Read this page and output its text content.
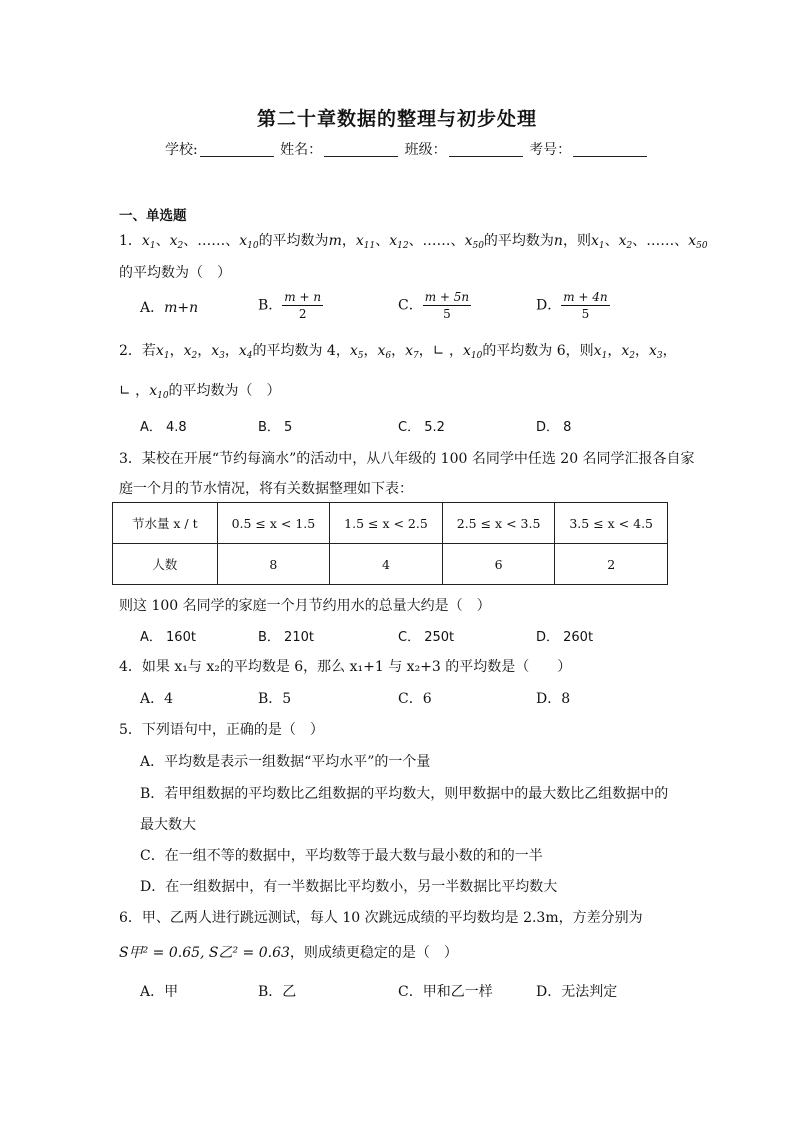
第二十章数据的整理与初步处理
学校:	姓名：	班级：	考号：
一、单选题
1．$x_1$、$x_2$、……、$x_{10}$的平均数为m，$x_{11}$、$x_{12}$、……、$x_{50}$的平均数为n，则$x_1$、$x_2$、……、$x_{50}$
的平均数为（　）
A．m+n	B． $\frac{m + n}{2}$	C． $\frac{m + 5n}{5}$	D． $\frac{m + 4n}{5}$
2．若$x_1$，$x_2$，$x_3$，$x_4$的平均数为 4，$x_5$，$x_6$，$x_7$，∟ ，$x_{10}$的平均数为 6，则$x_1$，$x_2$，$x_3$，
∟ ，$x_{10}$的平均数为（　）
A． 4.8	B． 5	C． 5.2	D． 8
3．某校在开展“节约每滴水”的活动中，从八年级的 100 名同学中任选 20 名同学汇报各自家
庭一个月的节水情况，将有关数据整理如下表：
节水量 x / t	0.5 ≤ x < 1.5	1.5 ≤ x < 2.5	2.5 ≤ x < 3.5	3.5 ≤ x < 4.5
人数	8	4	6	2
则这 100 名同学的家庭一个月节约用水的总量大约是（　）
A． 160t	B． 210t	C． 250t	D． 260t
4．如果 x₁与 x₂的平均数是 6，那么 x₁+1 与 x₂+3 的平均数是（　　）
A．4	B．5	C．6	D．8
5．下列语句中，正确的是（　）
A．平均数是表示一组数据“平均水平”的一个量
B．若甲组数据的平均数比乙组数据的平均数大，则甲数据中的最大数比乙组数据中的
最大数大
C．在一组不等的数据中，平均数等于最大数与最小数的和的一半
D．在一组数据中，有一半数据比平均数小，另一半数据比平均数大
6．甲、乙两人进行跳远测试，每人 10 次跳远成绩的平均数均是 2.3m，方差分别为
S甲² = 0.65, S乙² = 0.63，则成绩更稳定的是（　）
A．甲	B．乙	C．甲和乙一样	D．无法判定
